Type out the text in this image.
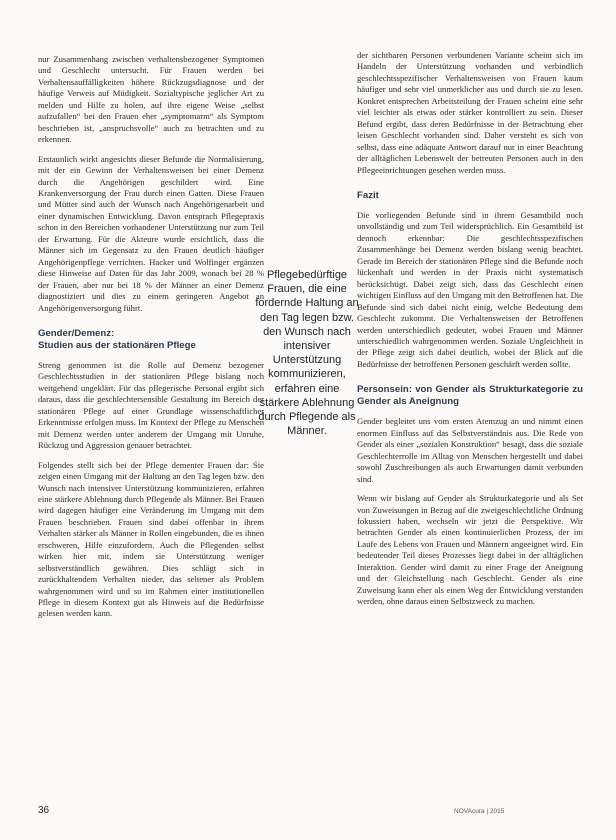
nur Zusammenhang zwischen verhaltensbezogener Symptomen und Geschlecht untersucht. Für Frauen werden bei Verhaltensauffälligkeiten höhere Rückzugsdiagnose und der häufige Verweis auf Müdigkeit. Sozialtypische jeglicher Art zu melden und Hilfe zu holen, auf ihre eigene Weise „selbst aufzufallen“ bei den Frauen eher „symptomarm“ als Symptom beschrieben ist, „anspruchsvolle“ auch zu betrachten und zu erkennen.

Erstaunlich wirkt angesichts dieser Befunde die Normalisierung, mit der ein Gewinn der Verhaltensweisen bei einer Demenz durch die Angehörigen geschildert wird. Eine Krankenversorgung der Frau durch einen Gatten. Diese Frauen und Mütter sind auch der Wunsch nach Angehörigenarbeit und einer dynamischen Entwicklung. Davon entsprach Pflegepraxis schon in den Bereichen vorhandener Unterstützung nur zum Teil der Erwartung. Für die Akteure wurde ersichtlich, dass die Männer sich im Gegensatz zu den Frauen deutlich häufiger Angehörigenpflege verrichten. Hacker und Wolfinger ergänzen diese Hinweise auf Daten für das Jahr 2009, wonach bei 28 % der Frauen, aber nur bei 18 % der Männer an einer Demenz diagnostiziert und dies zu einem geringeren Angebot an Angehörigenversorgung führt.

Gender/Demenz:
Studien aus der stationären Pflege

Streng genommen ist die Rolle auf Demenz bezogener Geschlechtsstudien in der stationären Pflege bislang noch weitgehend ungeklärt. Für das pflegerische Personal ergibt sich daraus, dass die geschlechtersensible Gestaltung im Bereich der stationären Pflege auf einer Grundlage wissenschaftlicher Erkenntnisse erfolgen muss. Im Kontext der Pflege zu Menschen mit Demenz werden unter anderem der Umgang mit Unruhe, Rückzug und Aggression genauer betrachtet.

Folgendes stellt sich bei der Pflege dementer Frauen dar: Sie zeigen einen Umgang mit der Haltung an den Tag legen bzw. den Wunsch nach intensiver Unterstützung kommunizieren, erfahren eine stärkere Ablehnung durch Pflegende als Männer. Bei Frauen wird dagegen häufiger eine Veränderung im Umgang mit dem Frauen beschrieben. Frauen sind dabei offenbar in ihrem Verhalten stärker als Männer in Rollen eingebunden, die es ihnen erschweren, Hilfe einzufordern. Auch die Pflegenden selbst wirken hier mit, indem sie Unterstützung weniger selbstverständlich gewähren. Dies schlägt sich in zurückhaltendem Verhalten nieder, das seltener als Problem wahrgenommen wird und so im Rahmen einer institutionellen Pflege in diesem Kontext gut als Hinweis auf die Bedürfnisse gelesen werden kann.

Pflegebedürftige Frauen, die eine fordernde Haltung an den Tag legen bzw. den Wunsch nach intensiver Unterstützung kommunizieren, erfahren eine stärkere Ablehnung durch Pflegende als Männer.

der sichtbaren Personen verbundenen Variante scheint sich im Handeln der Unterstützung vorhanden und verbindlich geschlechtsspezifischer Verhaltensweisen von Frauen kaum häufiger und sehr viel unmerklicher aus und durch sie zu lesen. Konkret entsprechen Arbeitsteilung der Frauen scheint eine sehr viel leichter als etwas oder stärker kontrolliert zu sein. Dieser Befund ergibt, dass deren Bedürfnisse in der Betrachtung eher leisen Geschlecht vorhanden sind. Daher versteht es sich von selbst, dass eine adäquate Antwort darauf nur in einer Beachtung der alltäglichen Lebenswelt der betreuten Personen auch in den Pflegeeinrichtungen gesehen werden muss.

Fazit

Die vorliegenden Befunde sind in ihrem Gesamtbild noch unvollständig und zum Teil widersprüchlich. Ein Gesamtbild ist dennoch erkennbar: Die geschlechtsspezifischen Zusammenhänge bei Demenz werden bislang wenig beachtet. Gerade im Bereich der stationären Pflege sind die Befunde noch lückenhaft und werden in der Praxis nicht systematisch berücksichtigt. Dabei zeigt sich, dass das Geschlecht einen wichtigen Einfluss auf den Umgang mit den Betroffenen hat. Die Befunde sind sich dabei nicht einig, welche Bedeutung dem Geschlecht zukommt. Die Verhaltensweisen der Betroffenen werden unterschiedlich gedeutet, wobei Frauen und Männer unterschiedlich wahrgenommen werden. Soziale Ungleichheit in der Pflege zeigt sich dabei deutlich, wobei der Blick auf die Bedürfnisse der betroffenen Personen geschärft werden sollte.

Personsein: von Gender als Strukturkategorie zu Gender als Aneignung

Gender begleitet uns vom ersten Atemzug an und nimmt einen enormen Einfluss auf das Selbstverständnis aus. Die Rede von Gender als einer „sozialen Konstruktion“ besagt, dass die soziale Geschlechterrolle im Alltag von Menschen hergestellt und dabei sowohl Zuschreibungen als auch Erwartungen damit verbunden sind.

Wenn wir bislang auf Gender als Strukturkategorie und als Set von Zuweisungen in Bezug auf die zweigeschlechtliche Ordnung fokussiert haben, wechseln wir jetzt die Perspektive. Wir betrachten Gender als einen kontinuierlichen Prozess, der im Laufe des Lebens von Frauen und Männern angeeignet wird. Ein bedeutender Teil dieses Prozesses liegt dabei in der alltäglichen Interaktion. Gender wird damit zu einer Frage der Aneignung und der Gleichstellung nach Geschlecht. Gender als eine Zuweisung kann eher als einen Weg der Entwicklung verstanden werden, ohne daraus einen Selbstzweck zu machen.

36	NOVAcura | 2015
